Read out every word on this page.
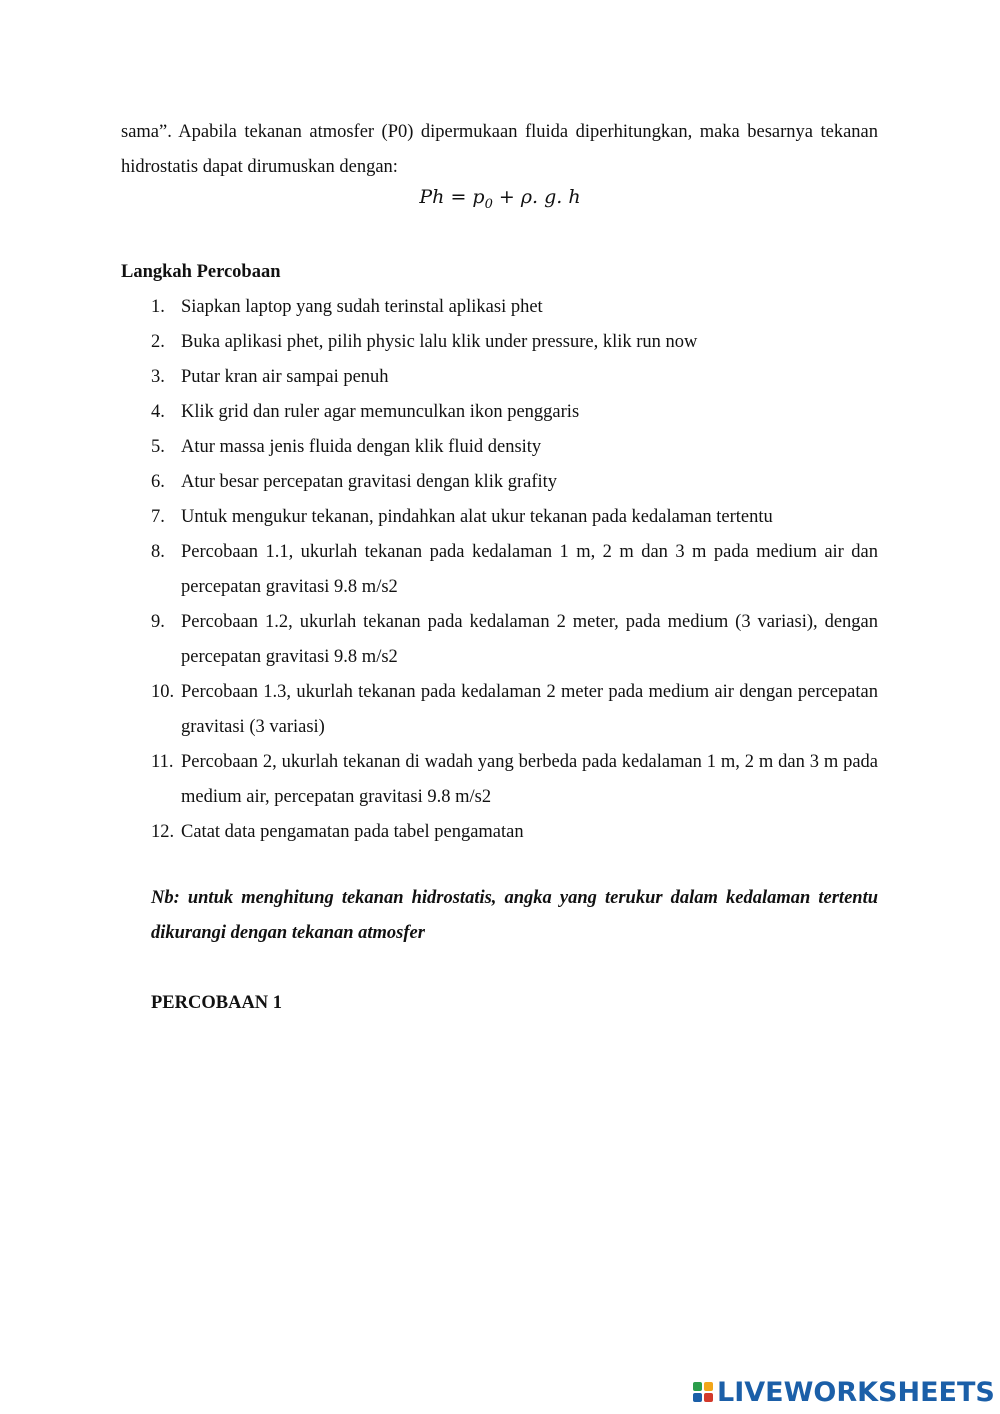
sama”. Apabila tekanan atmosfer (P0) dipermukaan fluida diperhitungkan, maka besarnya tekanan hidrostatis dapat dirumuskan dengan:

$Ph = p_0 + \rho$. g. h
Langkah Percobaan
1. Siapkan laptop yang sudah terinstal aplikasi phet
2. Buka aplikasi phet, pilih physic lalu klik under pressure, klik run now
3. Putar kran air sampai penuh
4. Klik grid dan ruler agar memunculkan ikon penggaris
5. Atur massa jenis fluida dengan klik fluid density
6. Atur besar percepatan gravitasi dengan klik grafity
7. Untuk mengukur tekanan, pindahkan alat ukur tekanan pada kedalaman tertentu
8. Percobaan 1.1, ukurlah tekanan pada kedalaman 1 m, 2 m dan 3 m pada medium air dan percepatan gravitasi 9.8 m/s2
9. Percobaan 1.2, ukurlah tekanan pada kedalaman 2 meter, pada medium (3 variasi), dengan percepatan gravitasi 9.8 m/s2
10. Percobaan 1.3, ukurlah tekanan pada kedalaman 2 meter pada medium air dengan percepatan gravitasi (3 variasi)
11. Percobaan 2, ukurlah tekanan di wadah yang berbeda pada kedalaman 1 m, 2 m dan 3 m pada medium air, percepatan gravitasi 9.8 m/s2
12. Catat data pengamatan pada tabel pengamatan

Nb: untuk menghitung tekanan hidrostatis, angka yang terukur dalam kedalaman tertentu dikurangi dengan tekanan atmosfer

PERCOBAAN 1
LIVEWORKSHEETS
